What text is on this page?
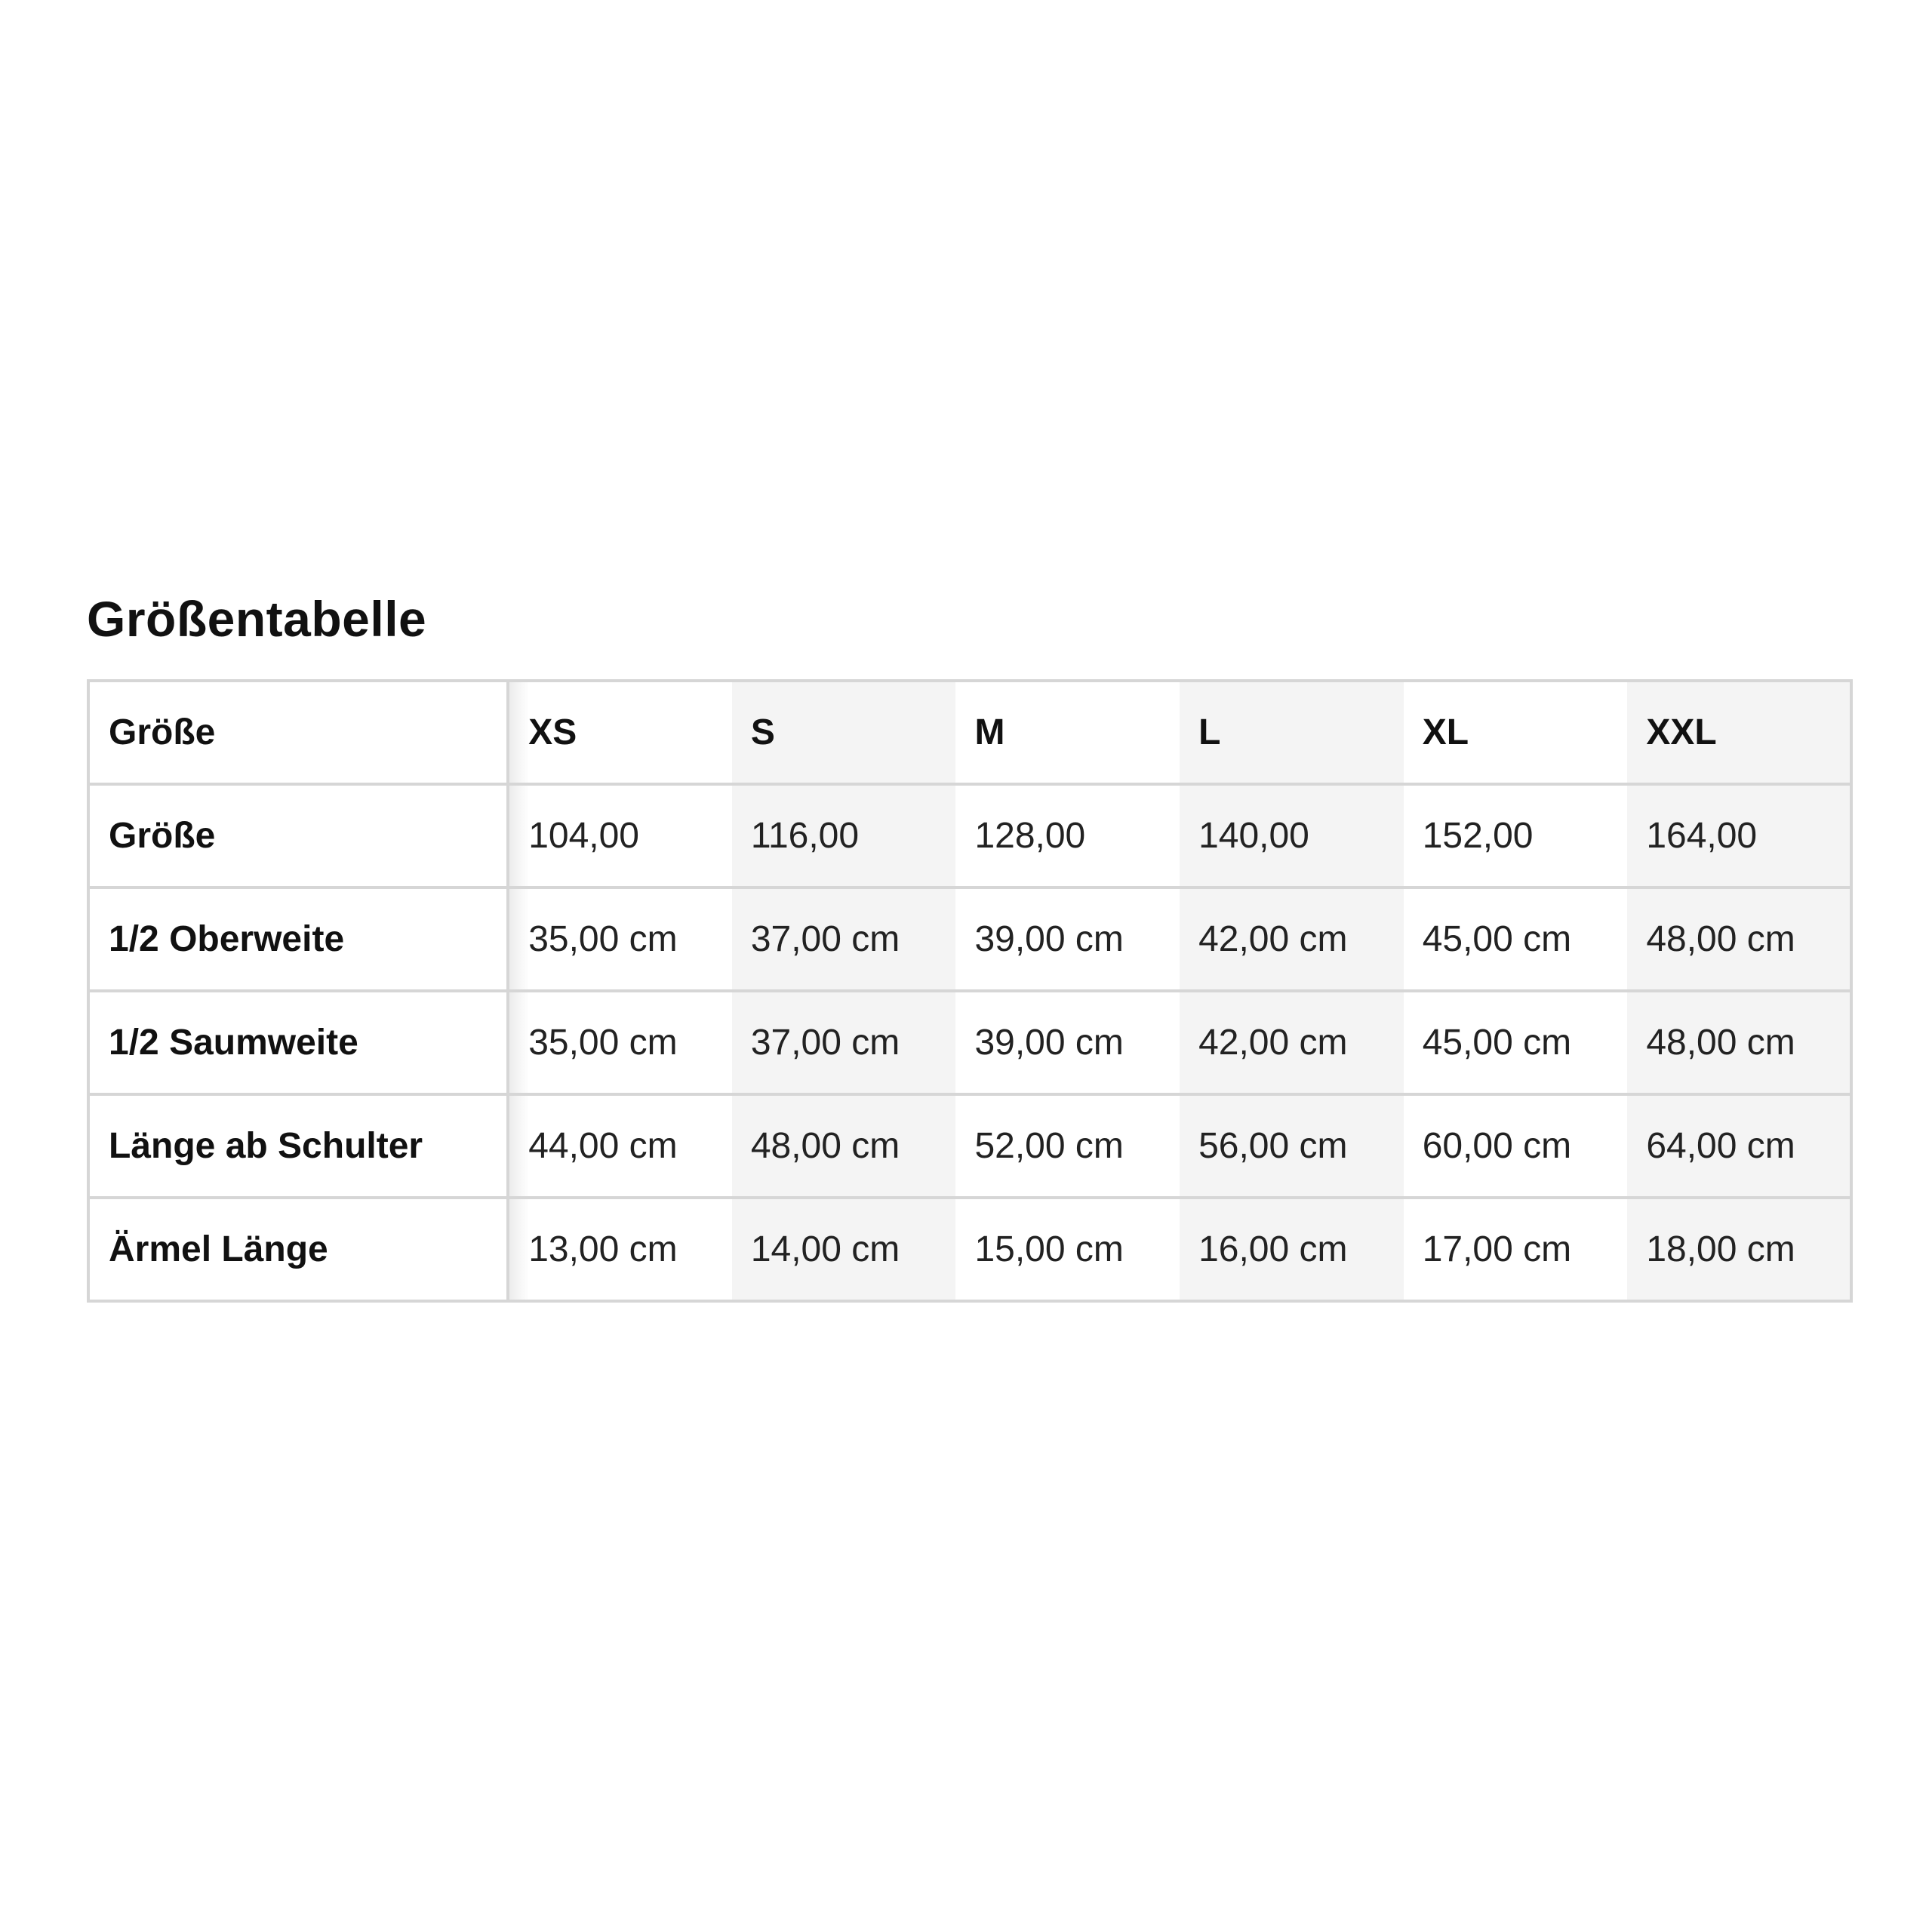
Größentabelle
Größe	XS	S	M	L	XL	XXL
Größe	104,00	116,00	128,00	140,00	152,00	164,00
1/2 Oberweite	35,00 cm	37,00 cm	39,00 cm	42,00 cm	45,00 cm	48,00 cm
1/2 Saumweite	35,00 cm	37,00 cm	39,00 cm	42,00 cm	45,00 cm	48,00 cm
Länge ab Schulter	44,00 cm	48,00 cm	52,00 cm	56,00 cm	60,00 cm	64,00 cm
Ärmel Länge	13,00 cm	14,00 cm	15,00 cm	16,00 cm	17,00 cm	18,00 cm
